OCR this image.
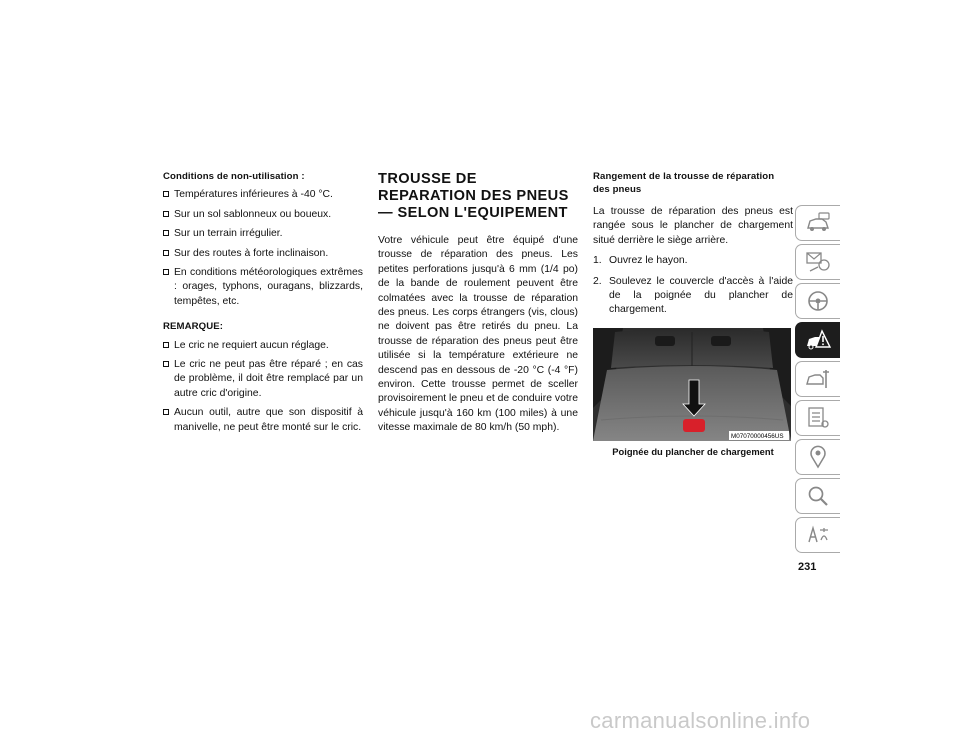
Conditions de non-utilisation :
Températures inférieures à -40 °C.
Sur un sol sablonneux ou boueux.
Sur un terrain irrégulier.
Sur des routes à forte inclinaison.
En conditions météorologiques extrêmes : orages, typhons, ouragans, blizzards, tempêtes, etc.
REMARQUE:
Le cric ne requiert aucun réglage.
Le cric ne peut pas être réparé ; en cas de problème, il doit être remplacé par un autre cric d'origine.
Aucun outil, autre que son dispositif à manivelle, ne peut être monté sur le cric.
TROUSSE DE REPARATION DES PNEUS — SELON L'EQUIPEMENT

Votre véhicule peut être équipé d'une trousse de réparation des pneus. Les petites perforations jusqu'à 6 mm (1/4 po) de la bande de roulement peuvent être colmatées avec la trousse de réparation des pneus. Les corps étrangers (vis, clous) ne doivent pas être retirés du pneu. La trousse de réparation des pneus peut être utilisée si la température extérieure ne descend pas en dessous de -20 °C (-4 °F) environ. Cette trousse permet de sceller provisoirement le pneu et de conduire votre véhicule jusqu'à 160 km (100 miles) à une vitesse maximale de 80 km/h (50 mph).

Rangement de la trousse de réparation des pneus

La trousse de réparation des pneus est rangée sous le plancher de chargement situé derrière le siège arrière.

1. Ouvrez le hayon.
2. Soulevez le couvercle d'accès à l'aide de la poignée du plancher de chargement.
M07070000456US
Poignée du plancher de chargement
231
carmanualsonline.info
